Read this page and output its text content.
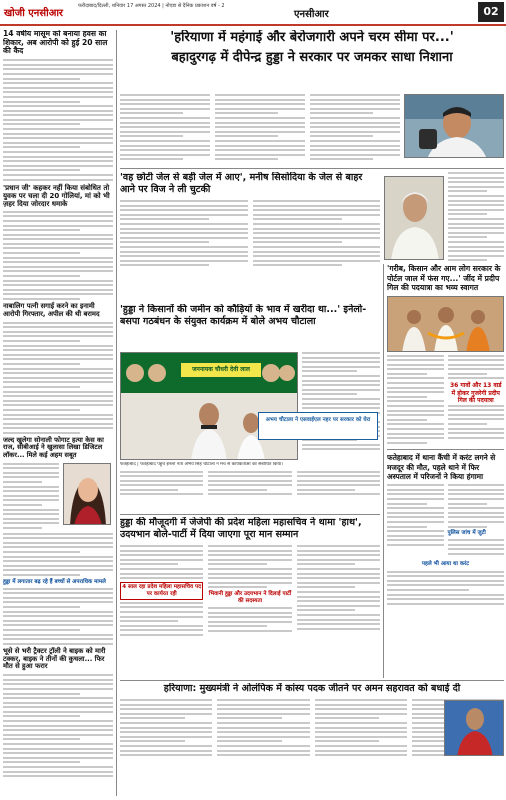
खोजी एनसीआर
फरीदाबाद/दिल्ली, शनिवार 17 अगस्त 2024 | नोएडा से दैनिक प्रकाशन वर्ष - 2
एनसीआर	02
14 वर्षीय मासूम को बनाया हवस का शिकार, अब आरोपी को हुई 20 साल की कैद
'प्रधान जी' कहकर नहीं किया संबोधित तो युवक पर चला दी 20 गोलियां, मां को भी ज़हर दिया जोरदार धमाके
नाबालिग पत्नी सगाई करने का इनामी आरोपी गिरफ्तार, अपील की थी बरामद
जल्द खुलेगा सोनाली फोगाट हत्या केस का राज, सीबीआई ने खुलासा लिखा डिजिटल लॉकर... मिले कई अहम सबूत
हुड्डा में लगातार बढ़ रहे हैं बच्चों से अपराधिक मामले
भूसे से भरी ट्रैक्टर ट्रॉली ने बाइक को मारी टक्कर, बाइक ने तीनों की कुचला... फिर मौत से हुआ फरार
'हरियाणा में महंगाई और बेरोजगारी अपने चरम सीमा पर...'
बहादुरगढ़ में दीपेन्द्र हुड्डा ने सरकार पर जमकर साधा निशाना
'वह छोटी जेल से बड़ी जेल में आए', मनीष सिसोदिया के जेल से बाहर आने पर विज ने ली चुटकी
'हुड्डा ने किसानों की जमीन को कौड़ियों के भाव में खरीदा था...' इनेलो-बसपा गठबंधन के संयुक्त कार्यक्रम में बोले अभय चौटाला
जननायक चौधरी देवी लाल
फतेहाबाद | फतेहाबाद पहुंचे इनेलो नेता अभय सिंह चौटाला ने मंच से कार्यकर्ताओं को संबोधित किया।
अभय चौटाला ने एसवाईएल नहर पर सरकार को घेरा
हुड्डा की मौजूदगी में जेजेपी की प्रदेश महिला महासचिव ने थामा 'हाथ', उदयभान बोले-पार्टी में दिया जाएगा पूरा मान सम्मान
4 साल रहा प्रदेश महिला महासचिव पद पर कार्यरत रही	भिवानी हुड्डा और उदयभान ने दिलाई पार्टी की सदस्यता
हरियाणा: मुख्यमंत्री ने ओलंपिक में कांस्य पदक जीतने पर अमन सहरावत को बधाई दी
'गरीब, किसान और आम लोग सरकार के पोर्टल जाल में फंस गए...' जींद में प्रदीप गिल की पदयात्रा का भव्य स्वागत
36 गावों और 13 वार्ड में होकर गुजरेगी प्रदीप गिल की पदयात्रा
फतेहाबाद में थाना कैंची में करंट लगने से मजदूर की मौत, पहले थाने में फिर अस्पताल में परिजनों ने किया हंगामा
पुलिस जांच में जुटी
पहले भी आया था करंट
